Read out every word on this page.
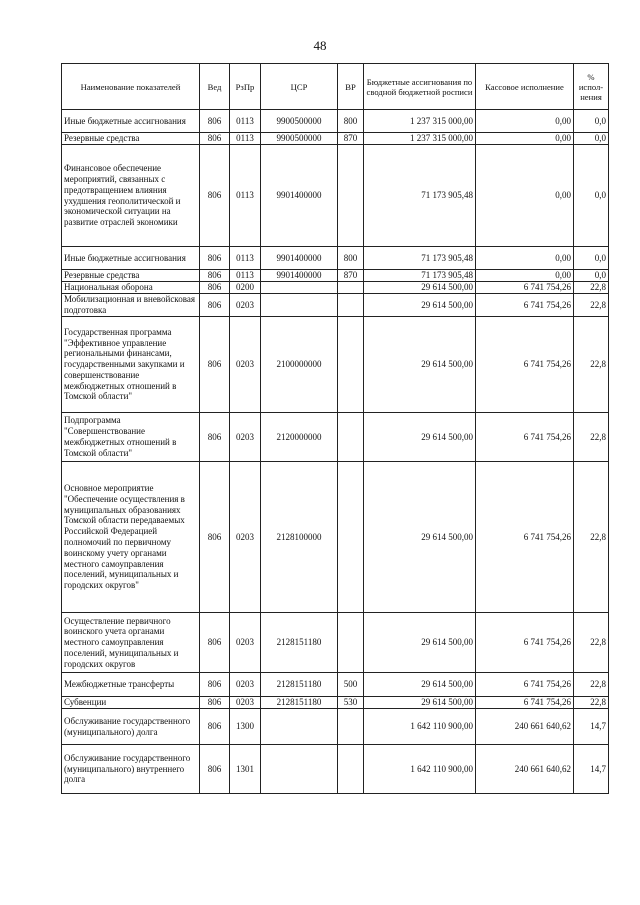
48
Наименование показателей	Вед	РзПр	ЦСР	ВР	Бюджетные ассигнования по сводной бюджетной росписи	Кассовое исполнение	% испол-нения
Иные бюджетные ассигнования	806	0113	9900500000	800	1 237 315 000,00	0,00	0,0
Резервные средства	806	0113	9900500000	870	1 237 315 000,00	0,00	0,0
Финансовое обеспечение мероприятий, связанных с предотвращением влияния ухудшения геополитической и экономической ситуации на развитие отраслей экономики	806	0113	9901400000		71 173 905,48	0,00	0,0
Иные бюджетные ассигнования	806	0113	9901400000	800	71 173 905,48	0,00	0,0
Резервные средства	806	0113	9901400000	870	71 173 905,48	0,00	0,0
Национальная оборона	806	0200			29 614 500,00	6 741 754,26	22,8
Мобилизационная и вневойсковая подготовка	806	0203			29 614 500,00	6 741 754,26	22,8
Государственная программа "Эффективное управление региональными финансами, государственными закупками и совершенствование межбюджетных отношений в Томской области"	806	0203	2100000000		29 614 500,00	6 741 754,26	22,8
Подпрограмма "Совершенствование межбюджетных отношений в Томской области"	806	0203	2120000000		29 614 500,00	6 741 754,26	22,8
Основное мероприятие "Обеспечение осуществления в муниципальных образованиях Томской области передаваемых Российской Федерацией полномочий по первичному воинскому учету органами местного самоуправления поселений, муниципальных и городских округов"	806	0203	2128100000		29 614 500,00	6 741 754,26	22,8
Осуществление первичного воинского учета органами местного самоуправления поселений, муниципальных и городских округов	806	0203	2128151180		29 614 500,00	6 741 754,26	22,8
Межбюджетные трансферты	806	0203	2128151180	500	29 614 500,00	6 741 754,26	22,8
Субвенции	806	0203	2128151180	530	29 614 500,00	6 741 754,26	22,8
Обслуживание государственного (муниципального) долга	806	1300			1 642 110 900,00	240 661 640,62	14,7
Обслуживание государственного (муниципального) внутреннего долга	806	1301			1 642 110 900,00	240 661 640,62	14,7
